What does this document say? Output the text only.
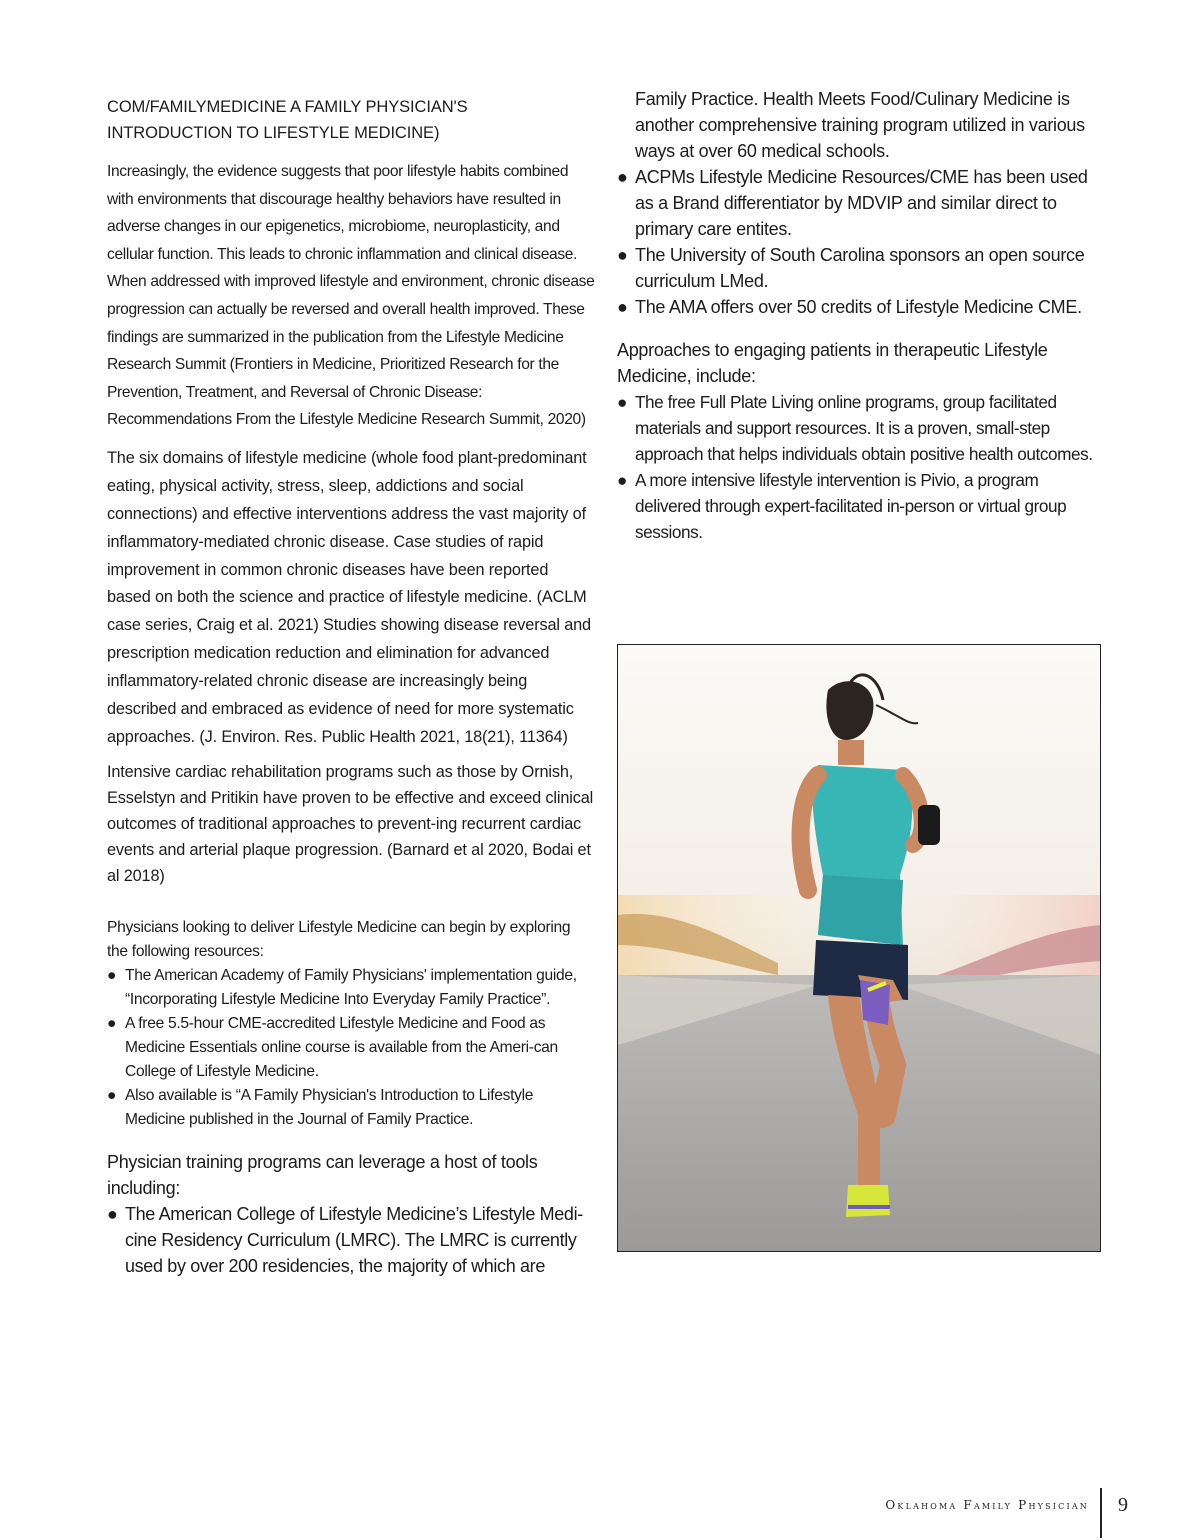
COM/FAMILYMEDICINE A FAMILY PHYSICIAN'S INTRODUCTION TO LIFESTYLE MEDICINE)

Increasingly, the evidence suggests that poor lifestyle habits combined with environments that discourage healthy behaviors have resulted in adverse changes in our epigenetics, microbiome, neuroplasticity, and cellular function. This leads to chronic inflammation and clinical disease. When addressed with improved lifestyle and environment, chronic disease progression can actually be reversed and overall health improved. These findings are summarized in the publication from the Lifestyle Medicine Research Summit (Frontiers in Medicine, Prioritized Research for the Prevention, Treatment, and Reversal of Chronic Disease: Recommendations From the Lifestyle Medicine Research Summit, 2020)

The six domains of lifestyle medicine (whole food plant-predominant eating, physical activity, stress, sleep, addictions and social connections) and effective interventions address the vast majority of inflammatory-mediated chronic disease. Case studies of rapid improvement in common chronic diseases have been reported based on both the science and practice of lifestyle medicine. (ACLM case series, Craig et al. 2021) Studies showing disease reversal and prescription medication reduction and elimination for advanced inflammatory-related chronic disease are increasingly being described and embraced as evidence of need for more systematic approaches. (J. Environ. Res. Public Health 2021, 18(21), 11364)

Intensive cardiac rehabilitation programs such as those by Ornish, Esselstyn and Pritikin have proven to be effective and exceed clinical outcomes of traditional approaches to prevent-ing recurrent cardiac events and arterial plaque progression. (Barnard et al 2020, Bodai et al 2018)

Physicians looking to deliver Lifestyle Medicine can begin by exploring the following resources:

● The American Academy of Family Physicians' implementation guide, “Incorporating Lifestyle Medicine Into Everyday Family Practice”.
● A free 5.5-hour CME-accredited Lifestyle Medicine and Food as Medicine Essentials online course is available from the Ameri-can College of Lifestyle Medicine.
● Also available is “A Family Physician's Introduction to Lifestyle Medicine published in the Journal of Family Practice.

Physician training programs can leverage a host of tools including:

● The American College of Lifestyle Medicine’s Lifestyle Medi-cine Residency Curriculum (LMRC). The LMRC is currently used by over 200 residencies, the majority of which are

Family Practice. Health Meets Food/Culinary Medicine is another comprehensive training program utilized in various ways at over 60 medical schools.

● ACPMs Lifestyle Medicine Resources/CME has been used as a Brand differentiator by MDVIP and similar direct to primary care entites.
● The University of South Carolina sponsors an open source curriculum LMed.
● The AMA offers over 50 credits of Lifestyle Medicine CME.

Approaches to engaging patients in therapeutic Lifestyle Medicine, include:

● The free Full Plate Living online programs, group facilitated materials and support resources. It is a proven, small-step approach that helps individuals obtain positive health outcomes.
● A more intensive lifestyle intervention is Pivio, a program delivered through expert-facilitated in-person or virtual group sessions.
Oklahoma Family Physician 9
